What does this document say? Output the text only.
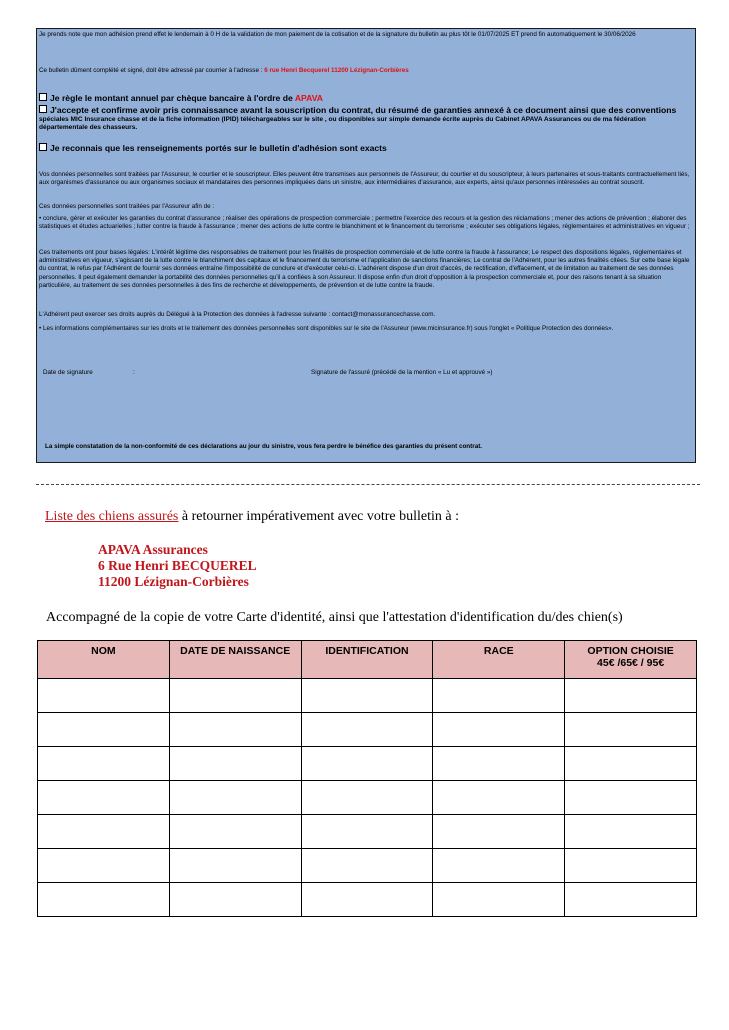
Je prends note que mon adhésion prend effet le lendemain à 0 H de la validation de mon paiement de la cotisation et de la signature du bulletin au plus tôt le 01/07/2025 ET prend fin automatiquement le 30/06/2026
Ce bulletin dûment complété et signé, doit être adressé par courrier à l'adresse : 6 rue Henri Becquerel 11200 Lézignan-Corbières
Je règle le montant annuel par chèque bancaire à l'ordre de APAVA
J'accepte et confirme avoir pris connaissance avant la souscription du contrat, du résumé de garanties annexé à ce document ainsi que des conventions spéciales MIC Insurance chasse et de la fiche information (IPID) téléchargeables sur le site , ou disponibles sur simple demande écrite auprès du Cabinet APAVA Assurances ou de ma fédération départementale des chasseurs.
Je reconnais que les renseignements portés sur le bulletin d'adhésion sont exacts
Vos données personnelles sont traitées par l'Assureur, le courtier et le souscripteur. Elles peuvent être transmises aux personnels de l'Assureur, du courtier et du souscripteur, à leurs partenaires et sous-traitants contractuellement liés, aux organismes d'assurance ou aux organismes sociaux et mandataires des personnes impliquées dans un sinistre, aux intermédiaires d'assurance, aux experts, ainsi qu'aux personnes intéressées au contrat souscrit.
Ces données personnelles sont traitées par l'Assureur afin de :
• conclure, gérer et exécuter les garanties du contrat d'assurance ; réaliser des opérations de prospection commerciale ; permettre l'exercice des recours et la gestion des réclamations ; mener des actions de prévention ; élaborer des statistiques et études actuarielles ; lutter contre la fraude à l'assurance ; mener des actions de lutte contre le blanchiment et le financement du terrorisme ; exécuter ses obligations légales, réglementaires et administratives en vigueur ;
Ces traitements ont pour bases légales: L'intérêt légitime des responsables de traitement pour les finalités de prospection commerciale et de lutte contre la fraude à l'assurance; Le respect des dispositions légales, réglementaires et administratives en vigueur, s'agissant de la lutte contre le blanchiment des capitaux et le financement du terrorisme et l'application de sanctions financières; Le contrat de l'Adhérent, pour les autres finalités citées. Sur cette base légale du contrat, le refus par l'Adhérent de fournir ses données entraîne l'impossibilité de conclure et d'exécuter celui-ci. L'adhérent dispose d'un droit d'accès, de rectification, d'effacement, et de limitation au traitement de ses données personnelles. Il peut également demander la portabilité des données personnelles qu'il a confiées à son Assureur. Il dispose enfin d'un droit d'opposition à la prospection commerciale et, pour des raisons tenant à sa situation particulière, au traitement de ses données personnelles à des fins de recherche et développements, de prévention et de lutte contre la fraude.
L'Adhérent peut exercer ses droits auprès du Délégué à la Protection des données à l'adresse suivante : contact@monassurancechasse.com.
• Les informations complémentaires sur les droits et le traitement des données personnelles sont disponibles sur le site de l'Assureur (www.micinsurance.fr) sous l'onglet « Politique Protection des données».
Date de signature	:	Signature de l'assuré (précédé de la mention « Lu et approuvé »)
La simple constatation de la non-conformité de ces déclarations au jour du sinistre, vous fera perdre le bénéfice des garanties du présent contrat.
Liste des chiens assurés à retourner impérativement avec votre bulletin à :
APAVA Assurances
6 Rue Henri BECQUEREL
11200 Lézignan-Corbières
Accompagné de la copie de votre Carte d'identité, ainsi que l'attestation d'identification du/des chien(s)
NOM	DATE DE NAISSANCE	IDENTIFICATION	RACE	OPTION CHOISIE
45€ /65€ / 95€
